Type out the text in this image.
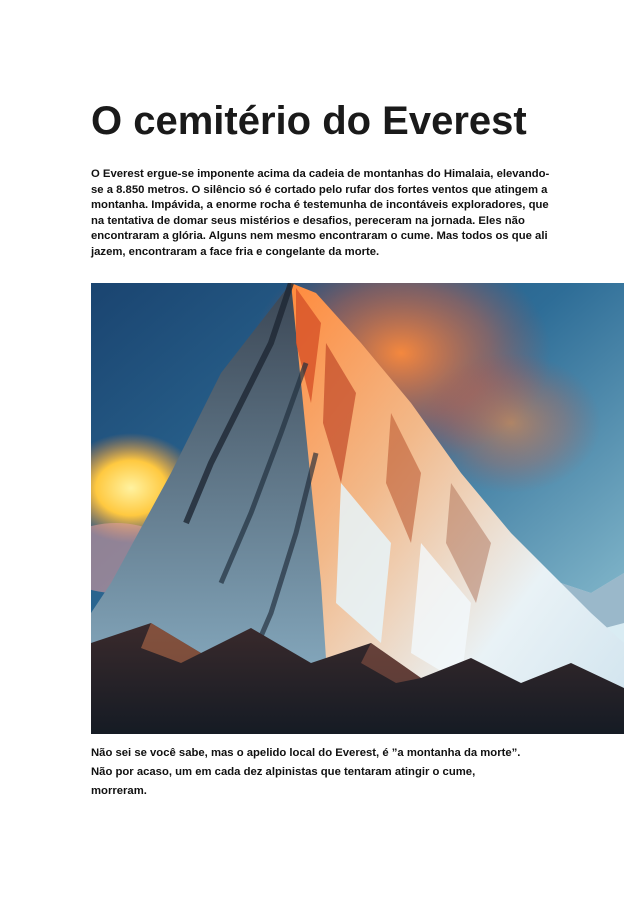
O cemitério do Everest

O Everest ergue-se imponente acima da cadeia de montanhas do Himalaia, elevando-se a 8.850 metros. O silêncio só é cortado pelo rufar dos fortes ventos que atingem a montanha. Impávida, a enorme rocha é testemunha de incontáveis exploradores, que na tentativa de domar seus mistérios e desafios, pereceram na jornada. Eles não encontraram a glória. Alguns nem mesmo encontraram o cume. Mas todos os que ali jazem, encontraram a face fria e congelante da morte.

Não sei se você sabe, mas o apelido local do Everest, é ”a montanha da morte”. Não por acaso, um em cada dez alpinistas que tentaram atingir o cume, morreram.
